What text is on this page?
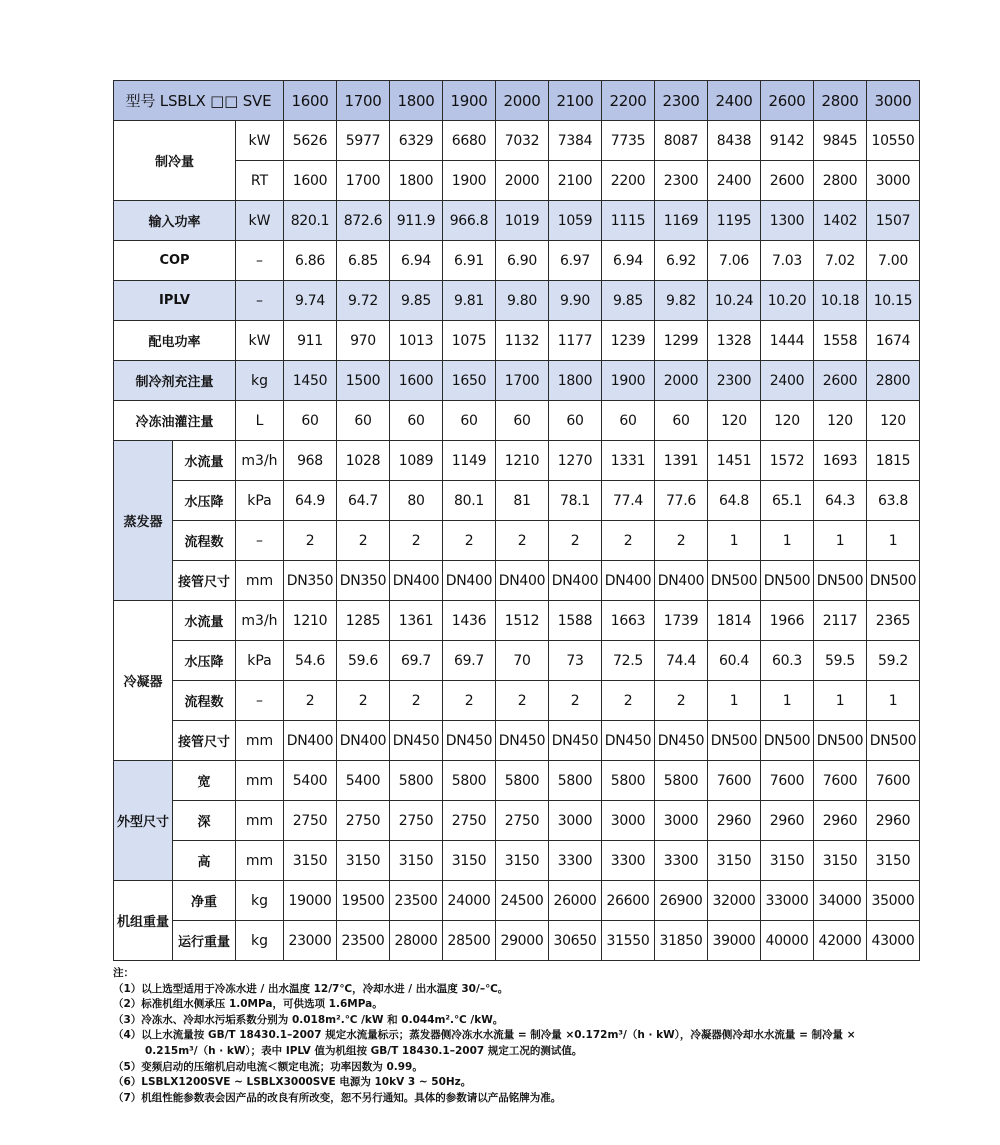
型号 LSBLX □□ SVE			1600	1700	1800	1900	2000	2100	2200	2300	2400	2600	2800	3000
制冷量		kW	5626	5977	6329	6680	7032	7384	7735	8087	8438	9142	9845	10550
		RT	1600	1700	1800	1900	2000	2100	2200	2300	2400	2600	2800	3000
输入功率		kW	820.1	872.6	911.9	966.8	1019	1059	1115	1169	1195	1300	1402	1507
COP		–	6.86	6.85	6.94	6.91	6.90	6.97	6.94	6.92	7.06	7.03	7.02	7.00
IPLV		–	9.74	9.72	9.85	9.81	9.80	9.90	9.85	9.82	10.24	10.20	10.18	10.15
配电功率		kW	911	970	1013	1075	1132	1177	1239	1299	1328	1444	1558	1674
制冷剂充注量		kg	1450	1500	1600	1650	1700	1800	1900	2000	2300	2400	2600	2800
冷冻油灌注量		L	60	60	60	60	60	60	60	60	120	120	120	120
蒸发器	水流量	m3/h	968	1028	1089	1149	1210	1270	1331	1391	1451	1572	1693	1815
	水压降	kPa	64.9	64.7	80	80.1	81	78.1	77.4	77.6	64.8	65.1	64.3	63.8
	流程数	–	2	2	2	2	2	2	2	2	1	1	1	1
	接管尺寸	mm	DN350	DN350	DN400	DN400	DN400	DN400	DN400	DN400	DN500	DN500	DN500	DN500
冷凝器	水流量	m3/h	1210	1285	1361	1436	1512	1588	1663	1739	1814	1966	2117	2365
	水压降	kPa	54.6	59.6	69.7	69.7	70	73	72.5	74.4	60.4	60.3	59.5	59.2
	流程数	–	2	2	2	2	2	2	2	2	1	1	1	1
	接管尺寸	mm	DN400	DN400	DN450	DN450	DN450	DN450	DN450	DN450	DN500	DN500	DN500	DN500
外型尺寸	宽	mm	5400	5400	5800	5800	5800	5800	5800	5800	7600	7600	7600	7600
	深	mm	2750	2750	2750	2750	2750	3000	3000	3000	2960	2960	2960	2960
	高	mm	3150	3150	3150	3150	3150	3300	3300	3300	3150	3150	3150	3150
机组重量	净重	kg	19000	19500	23500	24000	24500	26000	26600	26900	32000	33000	34000	35000
	运行重量	kg	23000	23500	28000	28500	29000	30650	31550	31850	39000	40000	42000	43000
注：
（1）以上选型适用于冷冻水进 / 出水温度 12/7℃，冷却水进 / 出水温度 30/–℃。
（2）标准机组水侧承压 1.0MPa，可供选项 1.6MPa。
（3）冷冻水、冷却水污垢系数分别为 0.018m².℃ /kW 和 0.044m².℃ /kW。
（4）以上水流量按 GB/T 18430.1–2007 规定水流量标示；蒸发器侧冷冻水水流量 = 制冷量 ×0.172m³/（h · kW），冷凝器侧冷却水水流量 = 制冷量 ×
0.215m³/（h · kW）；表中 IPLV 值为机组按 GB/T 18430.1–2007 规定工况的测试值。
（5）变频启动的压缩机启动电流＜额定电流；功率因数为 0.99。
（6）LSBLX1200SVE ~ LSBLX3000SVE 电源为 10kV 3 ~ 50Hz。
（7）机组性能参数表会因产品的改良有所改变，恕不另行通知。具体的参数请以产品铭牌为准。
